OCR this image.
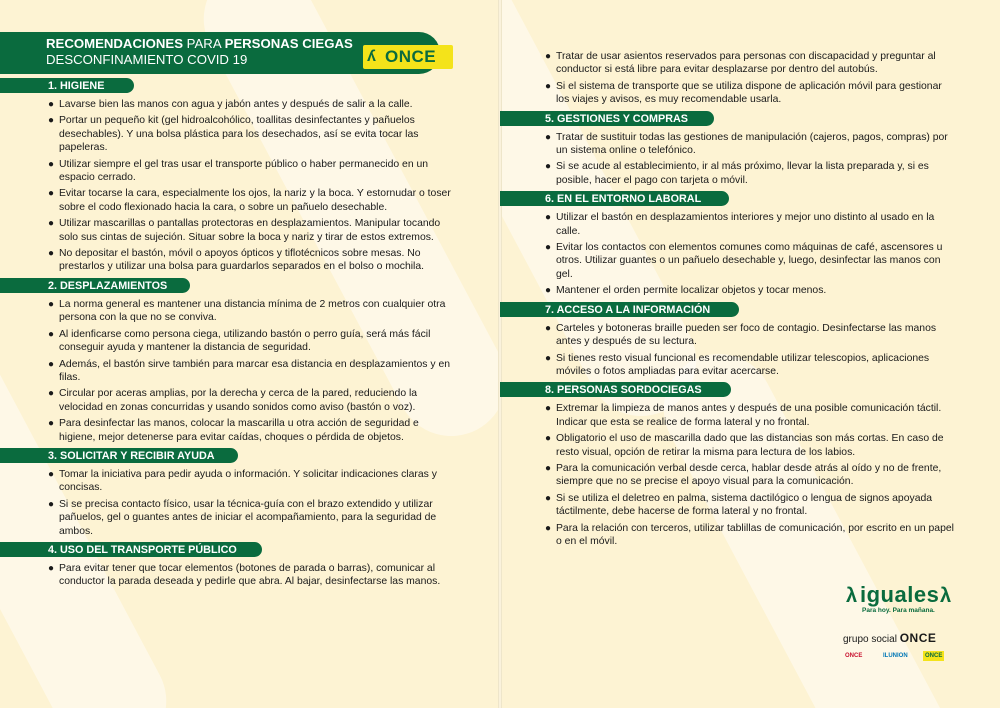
RECOMENDACIONES PARA PERSONAS CIEGAS
DESCONFINAMIENTO COVID 19	ʎ ONCE
1. HIGIENE
● Lavarse bien las manos con agua y jabón antes y después de salir a la calle.
● Portar un pequeño kit (gel hidroalcohólico, toallitas desinfectantes y pañuelos desechables). Y una bolsa plástica para los desechados, así se evita tocar las papeleras.
● Utilizar siempre el gel tras usar el transporte público o haber permanecido en un espacio cerrado.
● Evitar tocarse la cara, especialmente los ojos, la nariz y la boca. Y estornudar o toser sobre el codo flexionado hacia la cara, o sobre un pañuelo desechable.
● Utilizar mascarillas o pantallas protectoras en desplazamientos. Manipular tocando solo sus cintas de sujeción. Situar sobre la boca y nariz y tirar de estos extremos.
● No depositar el bastón, móvil o apoyos ópticos y tiflotécnicos sobre mesas. No prestarlos y utilizar una bolsa para guardarlos separados en el bolso o mochila.
2. DESPLAZAMIENTOS
● La norma general es mantener una distancia mínima de 2 metros con cualquier otra persona con la que no se conviva.
● Al idenficarse como persona ciega, utilizando bastón o perro guía, será más fácil conseguir ayuda y mantener la distancia de seguridad.
● Además, el bastón sirve también para marcar esa distancia en desplazamientos y en filas.
● Circular por aceras amplias, por la derecha y cerca de la pared, reduciendo la velocidad en zonas concurridas y usando sonidos como aviso (bastón o voz).
● Para desinfectar las manos, colocar la mascarilla u otra acción de seguridad e higiene, mejor detenerse para evitar caídas, choques o pérdida de objetos.
3. SOLICITAR Y RECIBIR AYUDA
● Tomar la iniciativa para pedir ayuda o información. Y solicitar indicaciones claras y concisas.
● Si se precisa contacto físico, usar la técnica-guía con el brazo extendido y utilizar pañuelos, gel o guantes antes de iniciar el acompañamiento, para la seguridad de ambos.
4. USO DEL TRANSPORTE PÚBLICO
● Para evitar tener que tocar elementos (botones de parada o barras), comunicar al conductor la parada deseada y pedirle que abra. Al bajar, desinfectarse las manos.
● Tratar de usar asientos reservados para personas con discapacidad y preguntar al conductor si está libre para evitar desplazarse por dentro del autobús.
● Si el sistema de transporte que se utiliza dispone de aplicación móvil para gestionar los viajes y avisos, es muy recomendable usarla.
5. GESTIONES Y COMPRAS
● Tratar de sustituir todas las gestiones de manipulación (cajeros, pagos, compras) por un sistema online o telefónico.
● Si se acude al establecimiento, ir al más próximo, llevar la lista preparada y, si es posible, hacer el pago con tarjeta o móvil.
6. EN EL ENTORNO LABORAL
● Utilizar el bastón en desplazamientos interiores y mejor uno distinto al usado en la calle.
● Evitar los contactos con elementos comunes como máquinas de café, ascensores u otros. Utilizar guantes o un pañuelo desechable y, luego, desinfectar las manos con gel.
● Mantener el orden permite localizar objetos y tocar menos.
7. ACCESO A LA INFORMACIÓN
● Carteles y botoneras braille pueden ser foco de contagio. Desinfectarse las manos antes y después de su lectura.
● Si tienes resto visual funcional es recomendable utilizar telescopios, aplicaciones móviles o fotos ampliadas para evitar acercarse.
8. PERSONAS SORDOCIEGAS
● Extremar la limpieza de manos antes y después de una posible comunicación táctil. Indicar que esta se realice de forma lateral y no frontal.
● Obligatorio el uso de mascarilla dado que las distancias son más cortas. En caso de resto visual, opción de retirar la misma para lectura de los labios.
● Para la comunicación verbal desde cerca, hablar desde atrás al oído y no de frente, siempre que no se precise el apoyo visual para la comunicación.
● Si se utiliza el deletreo en palma, sistema dactilógico o lengua de signos apoyada táctilmente, debe hacerse de forma lateral y no frontal.
● Para la relación con terceros, utilizar tablillas de comunicación, por escrito en un papel o en el móvil.
λ iguales λ
Para hoy. Para mañana.
grupo social ONCE
ONCE	ILUNION	ONCE
